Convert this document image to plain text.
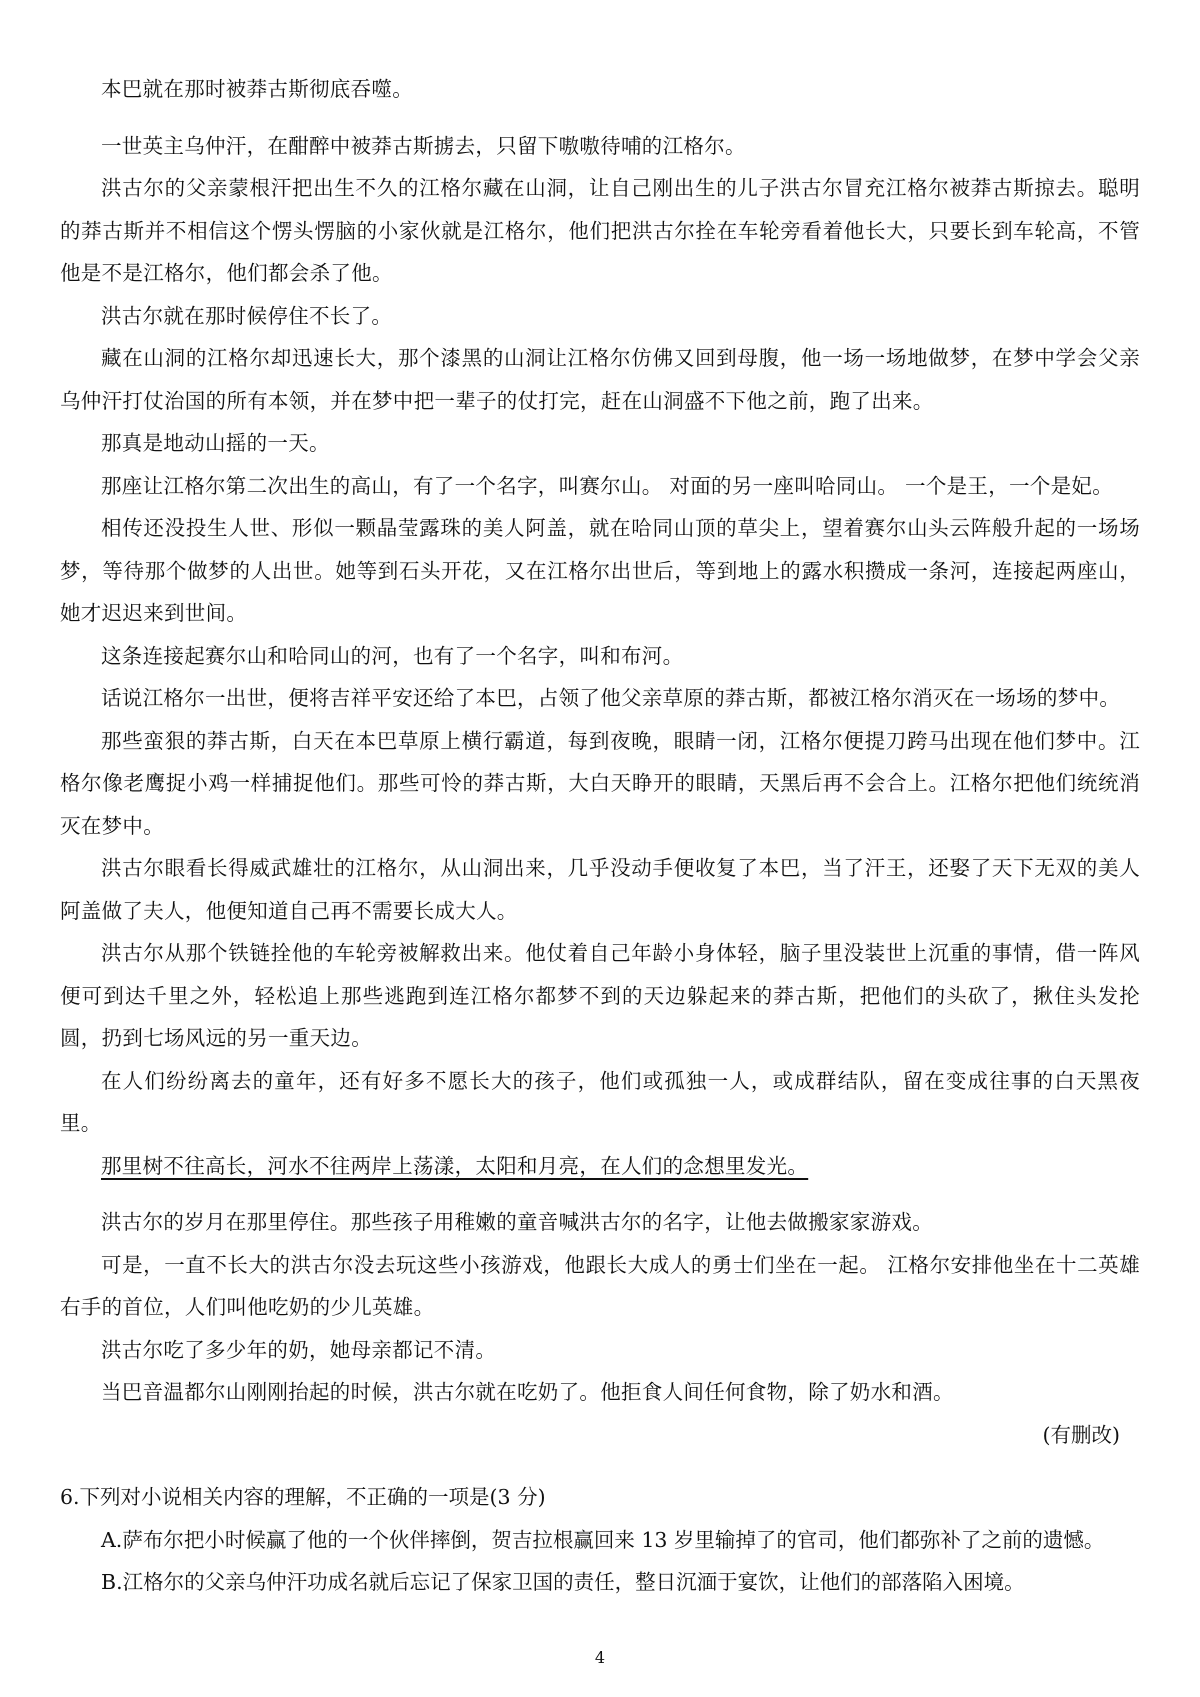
本巴就在那时被莽古斯彻底吞噬。

一世英主乌仲汗，在酣醉中被莽古斯掳去，只留下嗷嗷待哺的江格尔。

洪古尔的父亲蒙根汗把出生不久的江格尔藏在山洞，让自己刚出生的儿子洪古尔冒充江格尔被莽古斯掠去。聪明的莽古斯并不相信这个愣头愣脑的小家伙就是江格尔，他们把洪古尔拴在车轮旁看着他长大，只要长到车轮高，不管他是不是江格尔，他们都会杀了他。

洪古尔就在那时候停住不长了。

藏在山洞的江格尔却迅速长大，那个漆黑的山洞让江格尔仿佛又回到母腹，他一场一场地做梦，在梦中学会父亲乌仲汗打仗治国的所有本领，并在梦中把一辈子的仗打完，赶在山洞盛不下他之前，跑了出来。

那真是地动山摇的一天。

那座让江格尔第二次出生的高山，有了一个名字，叫赛尔山。 对面的另一座叫哈同山。 一个是王，一个是妃。

相传还没投生人世、形似一颗晶莹露珠的美人阿盖，就在哈同山顶的草尖上，望着赛尔山头云阵般升起的一场场梦，等待那个做梦的人出世。她等到石头开花，又在江格尔出世后，等到地上的露水积攒成一条河，连接起两座山，她才迟迟来到世间。

这条连接起赛尔山和哈同山的河，也有了一个名字，叫和布河。

话说江格尔一出世，便将吉祥平安还给了本巴，占领了他父亲草原的莽古斯，都被江格尔消灭在一场场的梦中。

那些蛮狠的莽古斯，白天在本巴草原上横行霸道，每到夜晚，眼睛一闭，江格尔便提刀跨马出现在他们梦中。江格尔像老鹰捉小鸡一样捕捉他们。那些可怜的莽古斯，大白天睁开的眼睛，天黑后再不会合上。江格尔把他们统统消灭在梦中。

洪古尔眼看长得威武雄壮的江格尔，从山洞出来，几乎没动手便收复了本巴，当了汗王，还娶了天下无双的美人阿盖做了夫人，他便知道自己再不需要长成大人。

洪古尔从那个铁链拴他的车轮旁被解救出来。他仗着自己年龄小身体轻，脑子里没装世上沉重的事情，借一阵风便可到达千里之外，轻松追上那些逃跑到连江格尔都梦不到的天边躲起来的莽古斯，把他们的头砍了，揪住头发抡圆，扔到七场风远的另一重天边。

在人们纷纷离去的童年，还有好多不愿长大的孩子，他们或孤独一人，或成群结队，留在变成往事的白天黑夜里。

那里树不往高长，河水不往两岸上荡漾，太阳和月亮，在人们的念想里发光。

洪古尔的岁月在那里停住。那些孩子用稚嫩的童音喊洪古尔的名字，让他去做搬家家游戏。

可是，一直不长大的洪古尔没去玩这些小孩游戏，他跟长大成人的勇士们坐在一起。 江格尔安排他坐在十二英雄右手的首位，人们叫他吃奶的少儿英雄。

洪古尔吃了多少年的奶，她母亲都记不清。

当巴音温都尔山刚刚抬起的时候，洪古尔就在吃奶了。他拒食人间任何食物，除了奶水和酒。

(有删改)

6.下列对小说相关内容的理解，不正确的一项是(3 分)

A.萨布尔把小时候赢了他的一个伙伴摔倒，贺吉拉根赢回来 13 岁里输掉了的官司，他们都弥补了之前的遗憾。

B.江格尔的父亲乌仲汗功成名就后忘记了保家卫国的责任，整日沉湎于宴饮，让他们的部落陷入困境。

4
